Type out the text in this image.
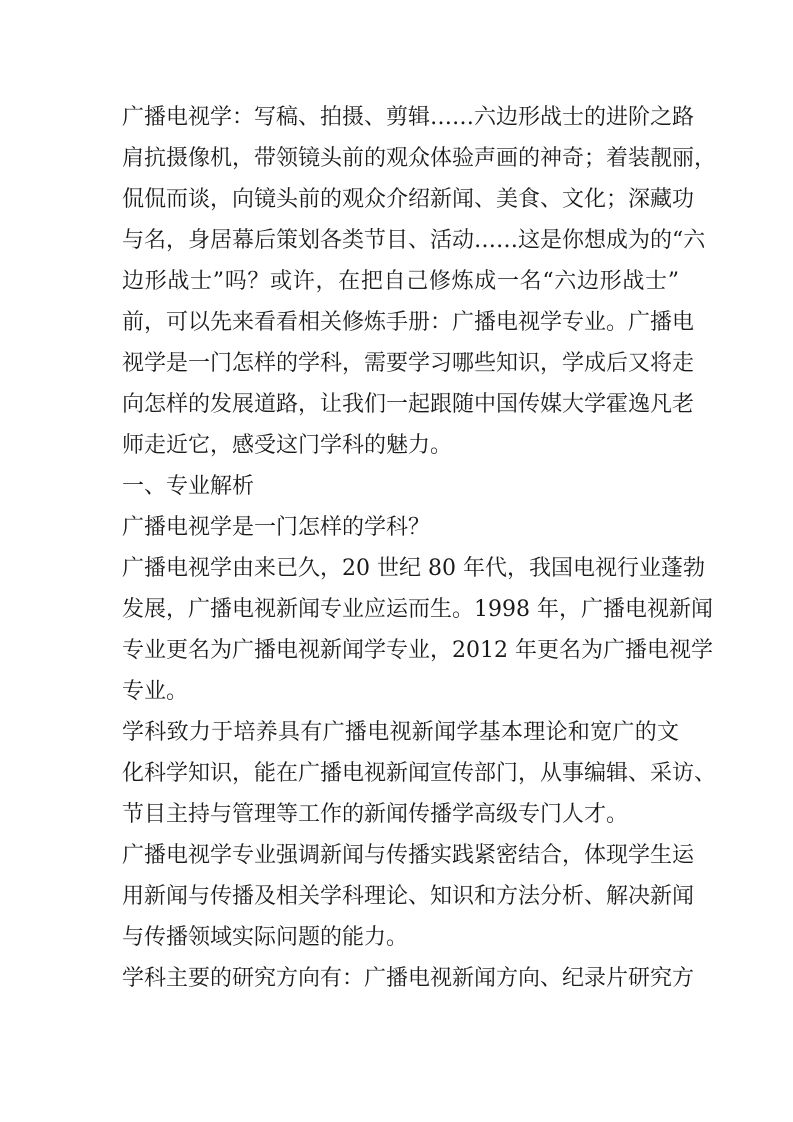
广播电视学：写稿、拍摄、剪辑……六边形战士的进阶之路
肩抗摄像机，带领镜头前的观众体验声画的神奇；着装靓丽，
侃侃而谈，向镜头前的观众介绍新闻、美食、文化；深藏功
与名，身居幕后策划各类节目、活动……这是你想成为的“六
边形战士”吗？或许，在把自己修炼成一名“六边形战士”
前，可以先来看看相关修炼手册：广播电视学专业。广播电
视学是一门怎样的学科，需要学习哪些知识，学成后又将走
向怎样的发展道路，让我们一起跟随中国传媒大学霍逸凡老
师走近它，感受这门学科的魅力。
一、专业解析
广播电视学是一门怎样的学科？
广播电视学由来已久，20 世纪 80 年代，我国电视行业蓬勃
发展，广播电视新闻专业应运而生。1998 年，广播电视新闻
专业更名为广播电视新闻学专业，2012 年更名为广播电视学
专业。
学科致力于培养具有广播电视新闻学基本理论和宽广的文
化科学知识，能在广播电视新闻宣传部门，从事编辑、采访、
节目主持与管理等工作的新闻传播学高级专门人才。
广播电视学专业强调新闻与传播实践紧密结合，体现学生运
用新闻与传播及相关学科理论、知识和方法分析、解决新闻
与传播领域实际问题的能力。
学科主要的研究方向有：广播电视新闻方向、纪录片研究方
